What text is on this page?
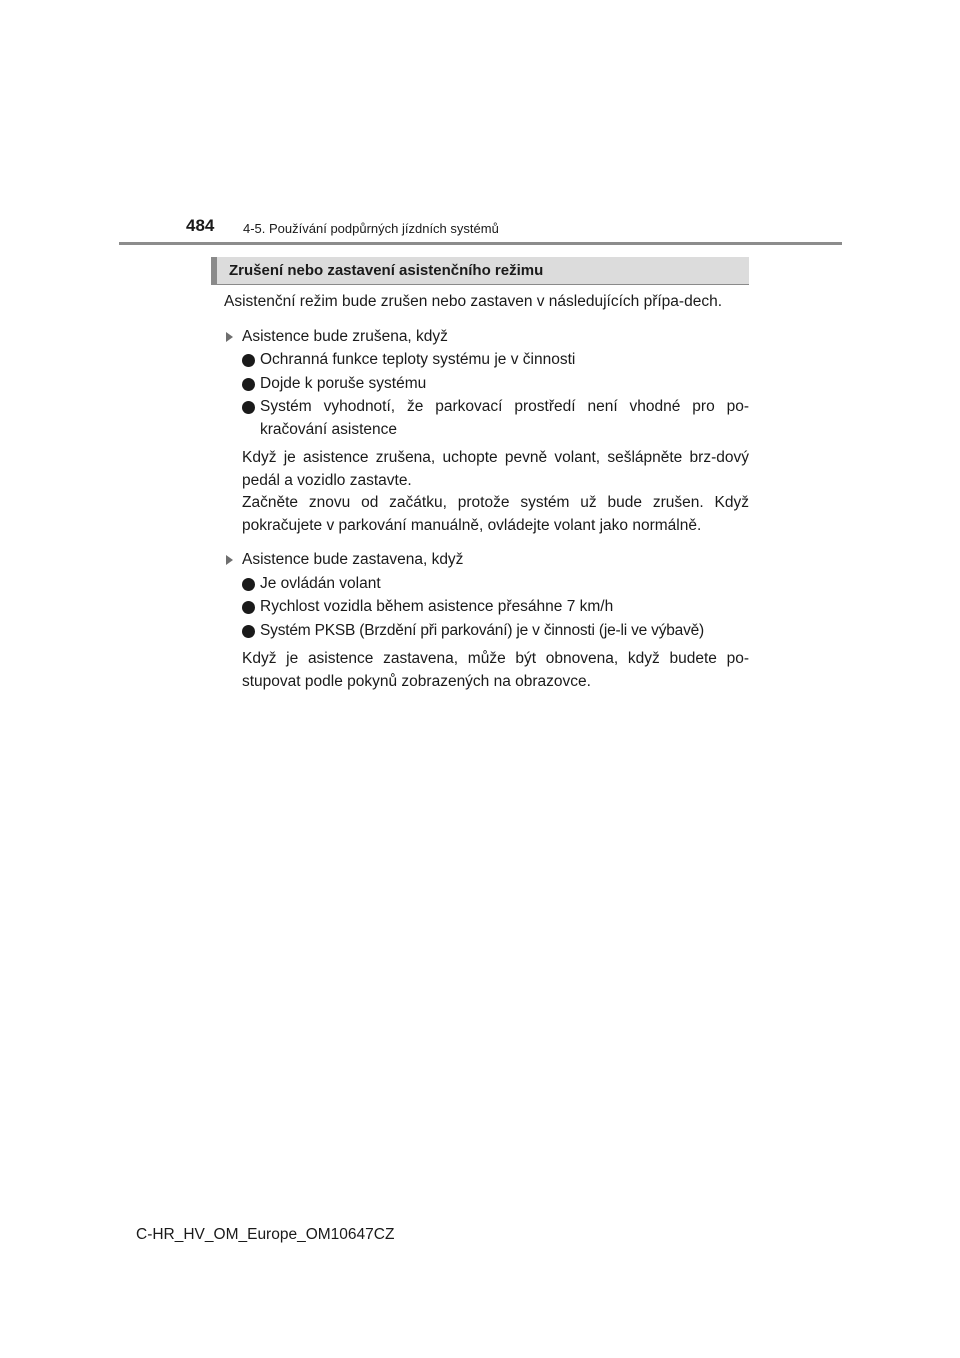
484 4-5. Používání podpůrných jízdních systémů
Zrušení nebo zastavení asistenčního režimu

Asistenční režim bude zrušen nebo zastaven v následujících přípa-dech.

Asistence bude zrušena, když

Ochranná funkce teploty systému je v činnosti
Dojde k poruše systému
Systém vyhodnotí, že parkovací prostředí není vhodné pro po-kračování asistence

Když je asistence zrušena, uchopte pevně volant, sešlápněte brz-dový pedál a vozidlo zastavte.

Začněte znovu od začátku, protože systém už bude zrušen. Když pokračujete v parkování manuálně, ovládejte volant jako normálně.

Asistence bude zastavena, když

Je ovládán volant
Rychlost vozidla během asistence přesáhne 7 km/h
Systém PKSB (Brzdění při parkování) je v činnosti (je-li ve výbavě)

Když je asistence zastavena, může být obnovena, když budete po-stupovat podle pokynů zobrazených na obrazovce.

C-HR_HV_OM_Europe_OM10647CZ
